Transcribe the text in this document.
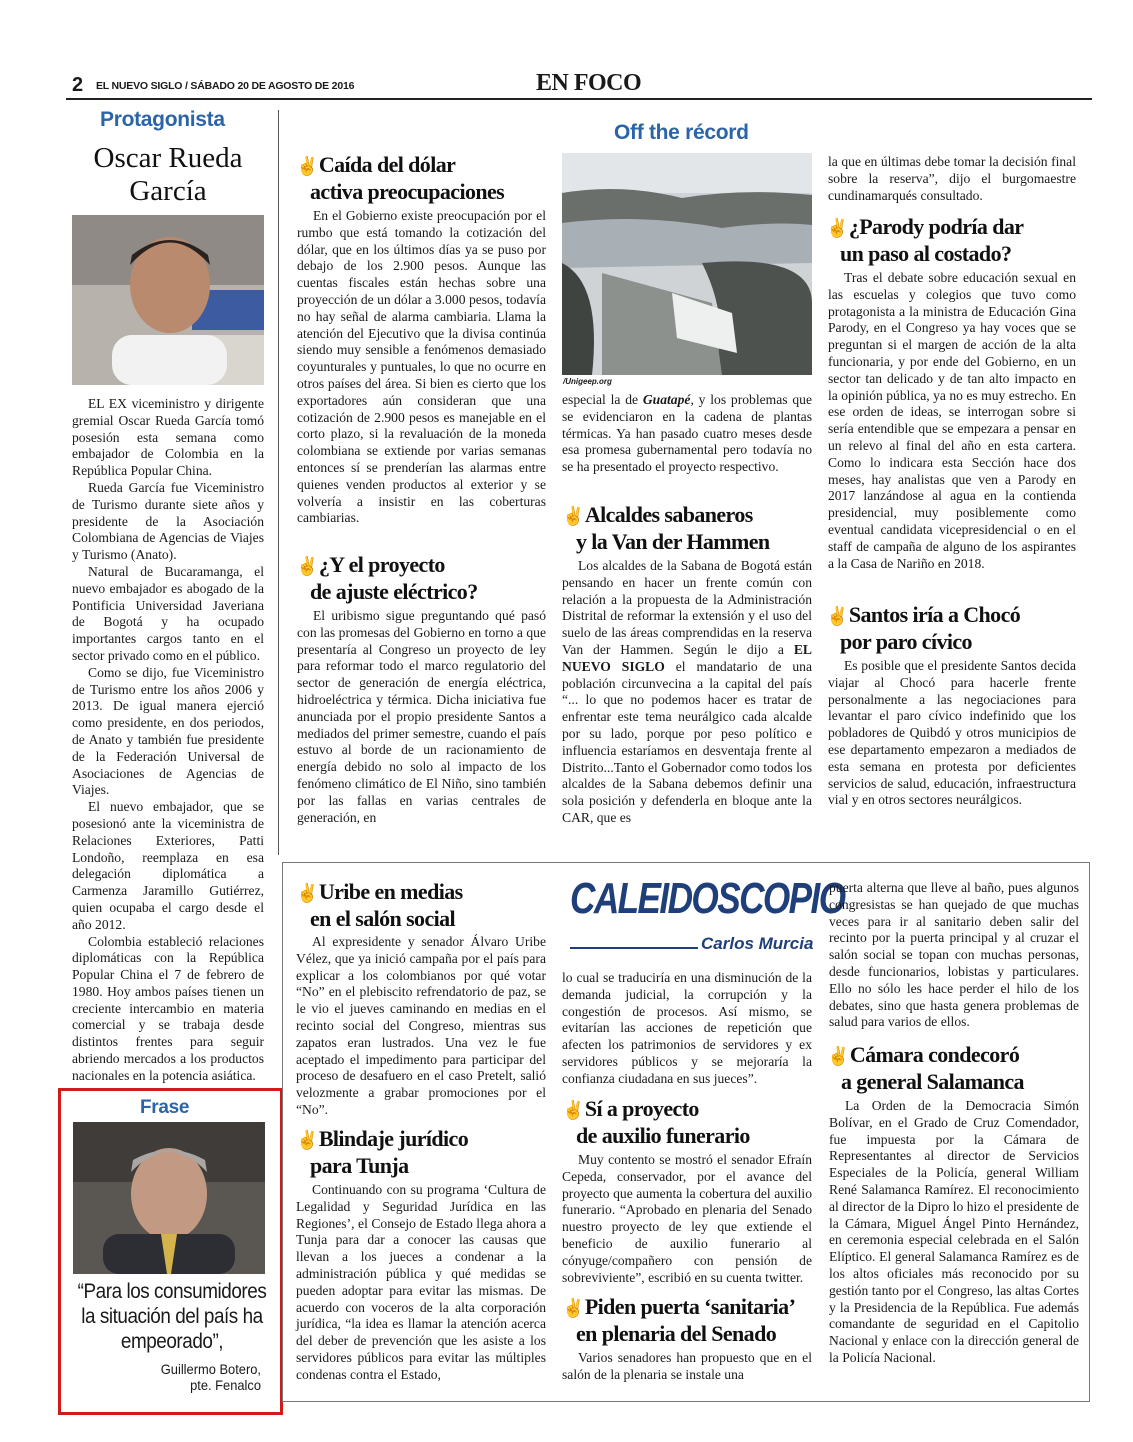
2 EL NUEVO SIGLO / SÁBADO 20 DE AGOSTO DE 2016	EN FOCO
Protagonista
Oscar Rueda
García

EL EX viceministro y dirigente gremial Oscar Rueda García tomó posesión esta semana como embajador de Colombia en la República Popular China.

Rueda García fue Viceministro de Turismo durante siete años y presidente de la Asociación Colombiana de Agencias de Viajes y Turismo (Anato).

Natural de Bucaramanga, el nuevo embajador es abogado de la Pontificia Universidad Javeriana de Bogotá y ha ocupado importantes cargos tanto en el sector privado como en el público.

Como se dijo, fue Viceministro de Turismo entre los años 2006 y 2013. De igual manera ejerció como presidente, en dos periodos, de Anato y también fue presidente de la Federación Universal de Asociaciones de Agencias de Viajes.

El nuevo embajador, que se posesionó ante la viceministra de Relaciones Exteriores, Patti Londoño, reemplaza en esa delegación diplomática a Carmenza Jaramillo Gutiérrez, quien ocupaba el cargo desde el año 2012.

Colombia estableció relaciones diplomáticas con la República Popular China el 7 de febrero de 1980. Hoy ambos países tienen un creciente intercambio en materia comercial y se trabaja desde distintos frentes para seguir abriendo mercados a los productos nacionales en la potencia asiática.

Frase
“Para los consumidores la situación del país ha empeorado”,
Guillermo Botero,
pte. Fenalco
Off the récord
✌Caída del dólar
activa preocupaciones

En el Gobierno existe preocupación por el rumbo que está tomando la cotización del dólar, que en los últimos días ya se puso por debajo de los 2.900 pesos. Aunque las cuentas fiscales están hechas sobre una proyección de un dólar a 3.000 pesos, todavía no hay señal de alarma cambiaria. Llama la atención del Ejecutivo que la divisa continúa siendo muy sensible a fenómenos demasiado coyunturales y puntuales, lo que no ocurre en otros países del área. Si bien es cierto que los exportadores aún consideran que una cotización de 2.900 pesos es manejable en el corto plazo, si la revaluación de la moneda colombiana se extiende por varias semanas entonces sí se prenderían las alarmas entre quienes venden productos al exterior y se volvería a insistir en las coberturas cambiarias.

✌¿Y el proyecto
de ajuste eléctrico?

El uribismo sigue preguntando qué pasó con las promesas del Gobierno en torno a que presentaría al Congreso un proyecto de ley para reformar todo el marco regulatorio del sector de generación de energía eléctrica, hidroeléctrica y térmica. Dicha iniciativa fue anunciada por el propio presidente Santos a mediados del primer semestre, cuando el país estuvo al borde de un racionamiento de energía debido no solo al impacto de los fenómeno climático de El Niño, sino también por las fallas en varias centrales de generación, en

/Unigeep.org

especial la de Guatapé, y los problemas que se evidenciaron en la cadena de plantas térmicas. Ya han pasado cuatro meses desde esa promesa gubernamental pero todavía no se ha presentado el proyecto respectivo.

✌Alcaldes sabaneros
y la Van der Hammen

Los alcaldes de la Sabana de Bogotá están pensando en hacer un frente común con relación a la propuesta de la Administración Distrital de reformar la extensión y el uso del suelo de las áreas comprendidas en la reserva Van der Hammen. Según le dijo a EL NUEVO SIGLO el mandatario de una población circunvecina a la capital del país “... lo que no podemos hacer es tratar de enfrentar este tema neurálgico cada alcalde por su lado, porque por peso político e influencia estaríamos en desventaja frente al Distrito...Tanto el Gobernador como todos los alcaldes de la Sabana debemos definir una sola posición y defenderla en bloque ante la CAR, que es

la que en últimas debe tomar la decisión final sobre la reserva”, dijo el burgomaestre cundinamarqués consultado.

✌¿Parody podría dar
un paso al costado?

Tras el debate sobre educación sexual en las escuelas y colegios que tuvo como protagonista a la ministra de Educación Gina Parody, en el Congreso ya hay voces que se preguntan si el margen de acción de la alta funcionaria, y por ende del Gobierno, en un sector tan delicado y de tan alto impacto en la opinión pública, ya no es muy estrecho. En ese orden de ideas, se interrogan sobre si sería entendible que se empezara a pensar en un relevo al final del año en esta cartera. Como lo indicara esta Sección hace dos meses, hay analistas que ven a Parody en 2017 lanzándose al agua en la contienda presidencial, muy posiblemente como eventual candidata vicepresidencial o en el staff de campaña de alguno de los aspirantes a la Casa de Nariño en 2018.

✌Santos iría a Chocó
por paro cívico

Es posible que el presidente Santos decida viajar al Chocó para hacerle frente personalmente a las negociaciones para levantar el paro cívico indefinido que los pobladores de Quibdó y otros municipios de ese departamento empezaron a mediados de esta semana en protesta por deficientes servicios de salud, educación, infraestructura vial y en otros sectores neurálgicos.

✌Uribe en medias
en el salón social

Al expresidente y senador Álvaro Uribe Vélez, que ya inició campaña por el país para explicar a los colombianos por qué votar “No” en el plebiscito refrendatorio de paz, se le vio el jueves caminando en medias en el recinto social del Congreso, mientras sus zapatos eran lustrados. Una vez le fue aceptado el impedimento para participar del proceso de desafuero en el caso Pretelt, salió velozmente a grabar promociones por el “No”.

✌Blindaje jurídico
para Tunja

Continuando con su programa ‘Cultura de Legalidad y Seguridad Jurídica en las Regiones’, el Consejo de Estado llega ahora a Tunja para dar a conocer las causas que llevan a los jueces a condenar a la administración pública y qué medidas se pueden adoptar para evitar las mismas. De acuerdo con voceros de la alta corporación jurídica, “la idea es llamar la atención acerca del deber de prevención que les asiste a los servidores públicos para evitar las múltiples condenas contra el Estado,

CALEIDOSCOPIO
Carlos Murcia

lo cual se traduciría en una disminución de la demanda judicial, la corrupción y la congestión de procesos. Así mismo, se evitarían las acciones de repetición que afecten los patrimonios de servidores y ex servidores públicos y se mejoraría la confianza ciudadana en sus jueces”.

✌Sí a proyecto
de auxilio funerario

Muy contento se mostró el senador Efraín Cepeda, conservador, por el avance del proyecto que aumenta la cobertura del auxilio funerario. “Aprobado en plenaria del Senado nuestro proyecto de ley que extiende el beneficio de auxilio funerario al cónyuge/compañero con pensión de sobreviviente”, escribió en su cuenta twitter.

✌Piden puerta ‘sanitaria’
en plenaria del Senado

Varios senadores han propuesto que en el salón de la plenaria se instale una

puerta alterna que lleve al baño, pues algunos congresistas se han quejado de que muchas veces para ir al sanitario deben salir del recinto por la puerta principal y al cruzar el salón social se topan con muchas personas, desde funcionarios, lobistas y particulares. Ello no sólo les hace perder el hilo de los debates, sino que hasta genera problemas de salud para varios de ellos.

✌Cámara condecoró
a general Salamanca

La Orden de la Democracia Simón Bolívar, en el Grado de Cruz Comendador, fue impuesta por la Cámara de Representantes al director de Servicios Especiales de la Policía, general William René Salamanca Ramírez. El reconocimiento al director de la Dipro lo hizo el presidente de la Cámara, Miguel Ángel Pinto Hernández, en ceremonia especial celebrada en el Salón Elíptico. El general Salamanca Ramírez es de los altos oficiales más reconocido por su gestión tanto por el Congreso, las altas Cortes y la Presidencia de la República. Fue además comandante de seguridad en el Capitolio Nacional y enlace con la dirección general de la Policía Nacional.
